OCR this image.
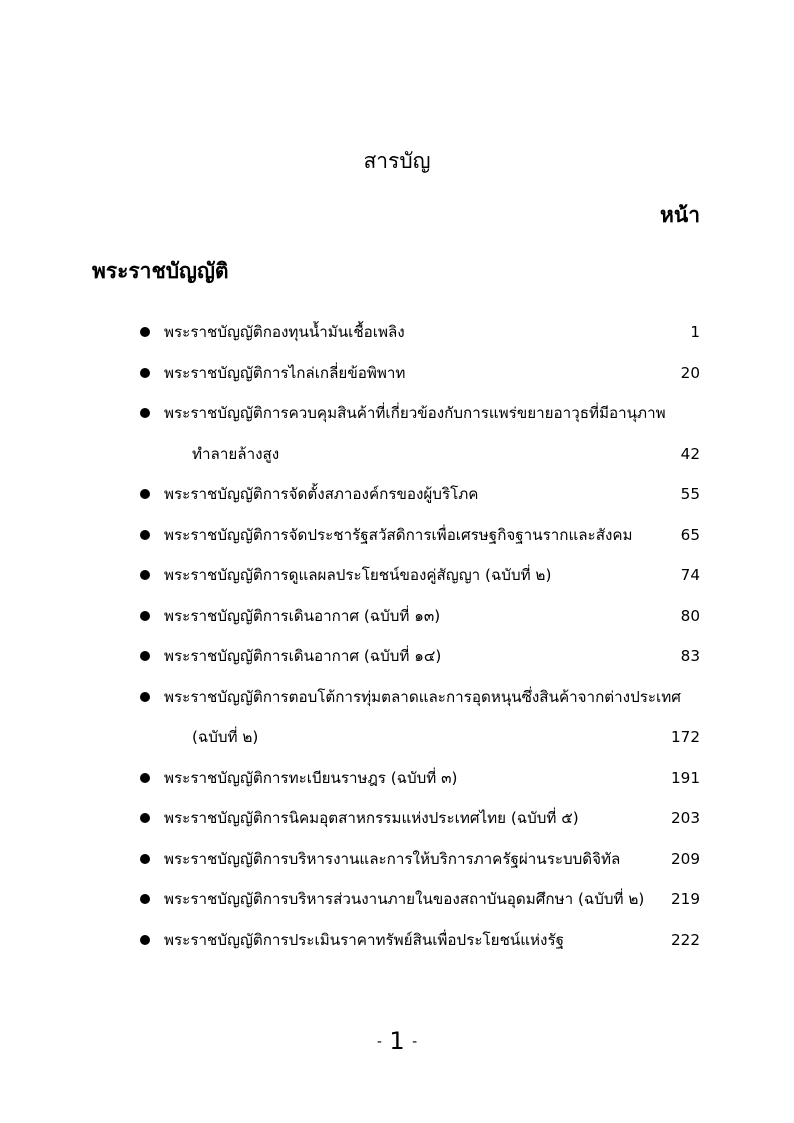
สารบัญ
หน้า
พระราชบัญญัติ
พระราชบัญญัติกองทุนน้ำมันเชื้อเพลิง	1
พระราชบัญญัติการไกล่เกลี่ยข้อพิพาท	20
พระราชบัญญัติการควบคุมสินค้าที่เกี่ยวข้องกับการแพร่ขยายอาวุธที่มีอานุภาพ
ทำลายล้างสูง	42
พระราชบัญญัติการจัดตั้งสภาองค์กรของผู้บริโภค	55
พระราชบัญญัติการจัดประชารัฐสวัสดิการเพื่อเศรษฐกิจฐานรากและสังคม	65
พระราชบัญญัติการดูแลผลประโยชน์ของคู่สัญญา (ฉบับที่ ๒)	74
พระราชบัญญัติการเดินอากาศ (ฉบับที่ ๑๓)	80
พระราชบัญญัติการเดินอากาศ (ฉบับที่ ๑๔)	83
พระราชบัญญัติการตอบโต้การทุ่มตลาดและการอุดหนุนซึ่งสินค้าจากต่างประเทศ
(ฉบับที่ ๒)	172
พระราชบัญญัติการทะเบียนราษฎร (ฉบับที่ ๓)	191
พระราชบัญญัติการนิคมอุตสาหกรรมแห่งประเทศไทย (ฉบับที่ ๕)	203
พระราชบัญญัติการบริหารงานและการให้บริการภาครัฐผ่านระบบดิจิทัล	209
พระราชบัญญัติการบริหารส่วนงานภายในของสถาบันอุดมศึกษา (ฉบับที่ ๒) 219
พระราชบัญญัติการประเมินราคาทรัพย์สินเพื่อประโยชน์แห่งรัฐ	222
- 1 -
